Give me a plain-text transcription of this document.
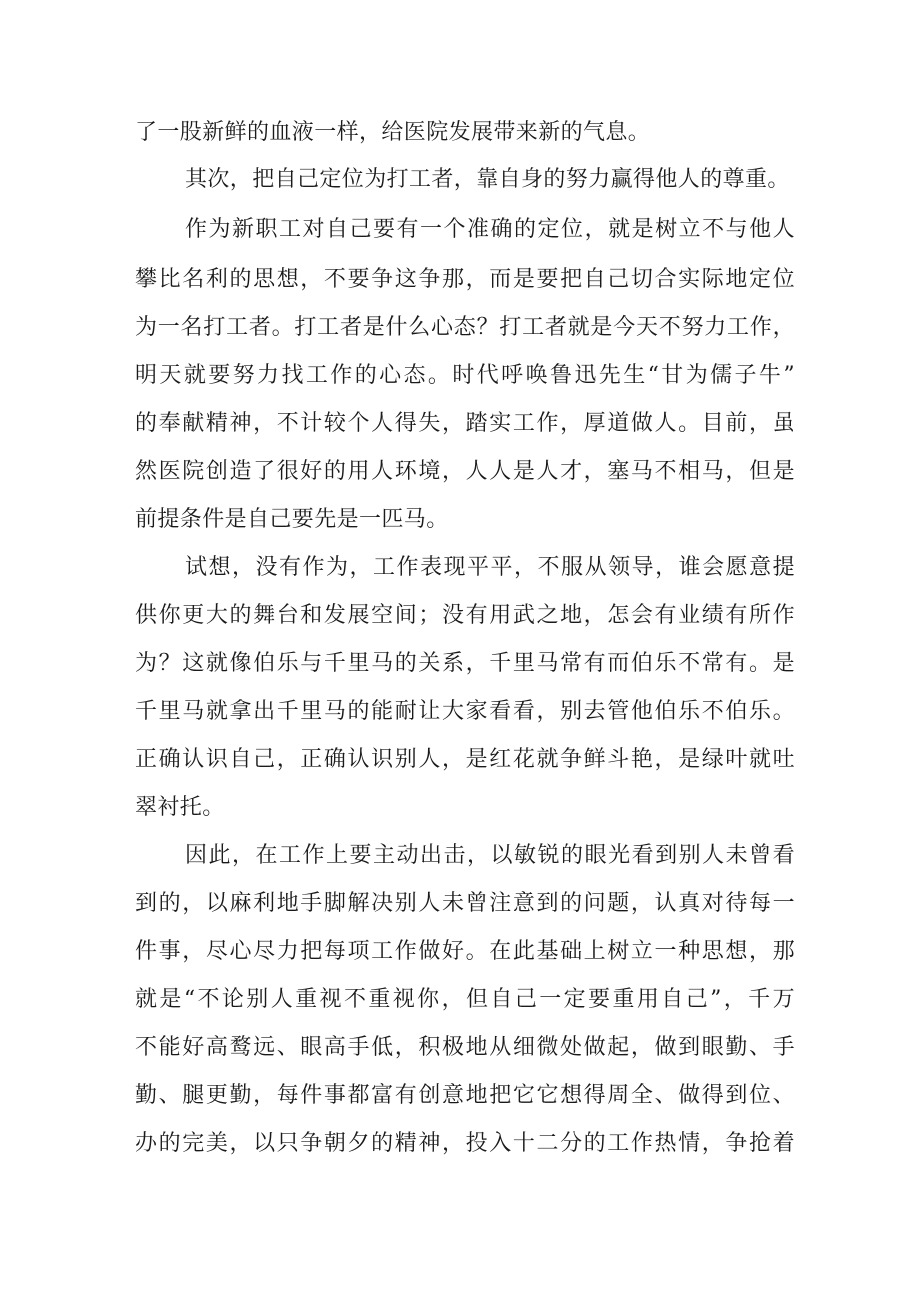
了一股新鲜的血液一样，给医院发展带来新的气息。
其次，把自己定位为打工者，靠自身的努力赢得他人的尊重。
作为新职工对自己要有一个准确的定位，就是树立不与他人
攀比名利的思想，不要争这争那，而是要把自己切合实际地定位
为一名打工者。打工者是什么心态？打工者就是今天不努力工作，
明天就要努力找工作的心态。时代呼唤鲁迅先生“甘为儒子牛”
的奉献精神，不计较个人得失，踏实工作，厚道做人。目前，虽
然医院创造了很好的用人环境，人人是人才，塞马不相马，但是
前提条件是自己要先是一匹马。
试想，没有作为，工作表现平平，不服从领导，谁会愿意提
供你更大的舞台和发展空间；没有用武之地，怎会有业绩有所作
为？这就像伯乐与千里马的关系，千里马常有而伯乐不常有。是
千里马就拿出千里马的能耐让大家看看，别去管他伯乐不伯乐。
正确认识自己，正确认识别人，是红花就争鲜斗艳，是绿叶就吐
翠衬托。
因此，在工作上要主动出击，以敏锐的眼光看到别人未曾看
到的，以麻利地手脚解决别人未曾注意到的问题，认真对待每一
件事，尽心尽力把每项工作做好。在此基础上树立一种思想，那
就是“不论别人重视不重视你，但自己一定要重用自己”，千万
不能好高鹜远、眼高手低，积极地从细微处做起，做到眼勤、手
勤、腿更勤，每件事都富有创意地把它它想得周全、做得到位、
办的完美，以只争朝夕的精神，投入十二分的工作热情，争抢着
